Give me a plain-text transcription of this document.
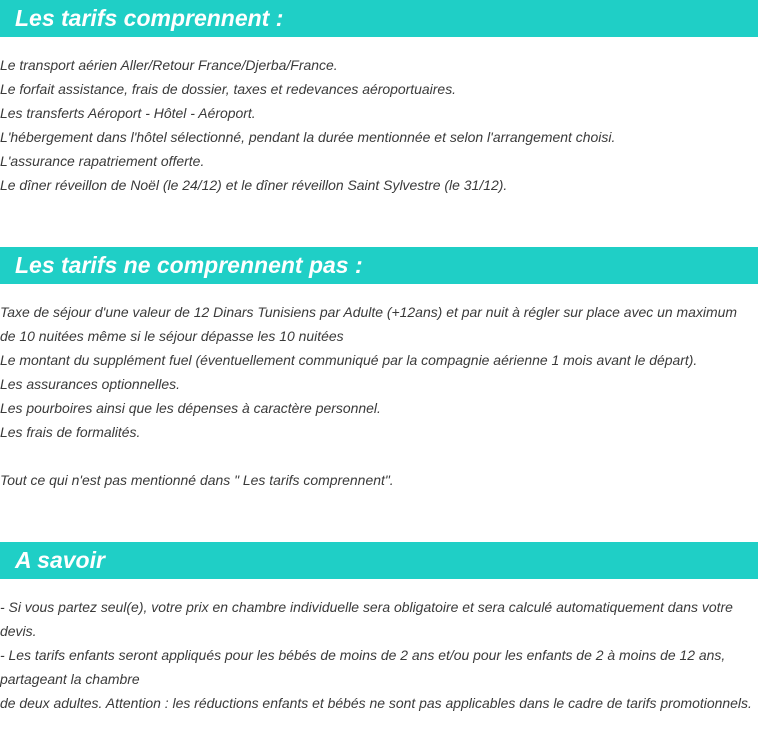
Les tarifs comprennent :
Le transport aérien Aller/Retour France/Djerba/France.
Le forfait assistance, frais de dossier, taxes et redevances aéroportuaires.
Les transferts Aéroport - Hôtel - Aéroport.
L'hébergement dans l'hôtel sélectionné, pendant la durée mentionnée et selon l'arrangement choisi.
L'assurance rapatriement offerte.
Le dîner réveillon de Noël (le 24/12) et le dîner réveillon Saint Sylvestre (le 31/12).
Les tarifs ne comprennent pas :
Taxe de séjour d'une valeur de 12 Dinars Tunisiens par Adulte (+12ans) et par nuit à régler sur place avec un maximum
de 10 nuitées même si le séjour dépasse les 10 nuitées
Le montant du supplément fuel (éventuellement communiqué par la compagnie aérienne 1 mois avant le départ).
Les assurances optionnelles.
Les pourboires ainsi que les dépenses à caractère personnel.
Les frais de formalités.
Tout ce qui n'est pas mentionné dans " Les tarifs comprennent".
A savoir
- Si vous partez seul(e), votre prix en chambre individuelle sera obligatoire et sera calculé automatiquement dans votre
devis.
- Les tarifs enfants seront appliqués pour les bébés de moins de 2 ans et/ou pour les enfants de 2 à moins de 12 ans,
partageant la chambre
de deux adultes. Attention : les réductions enfants et bébés ne sont pas applicables dans le cadre de tarifs promotionnels.
